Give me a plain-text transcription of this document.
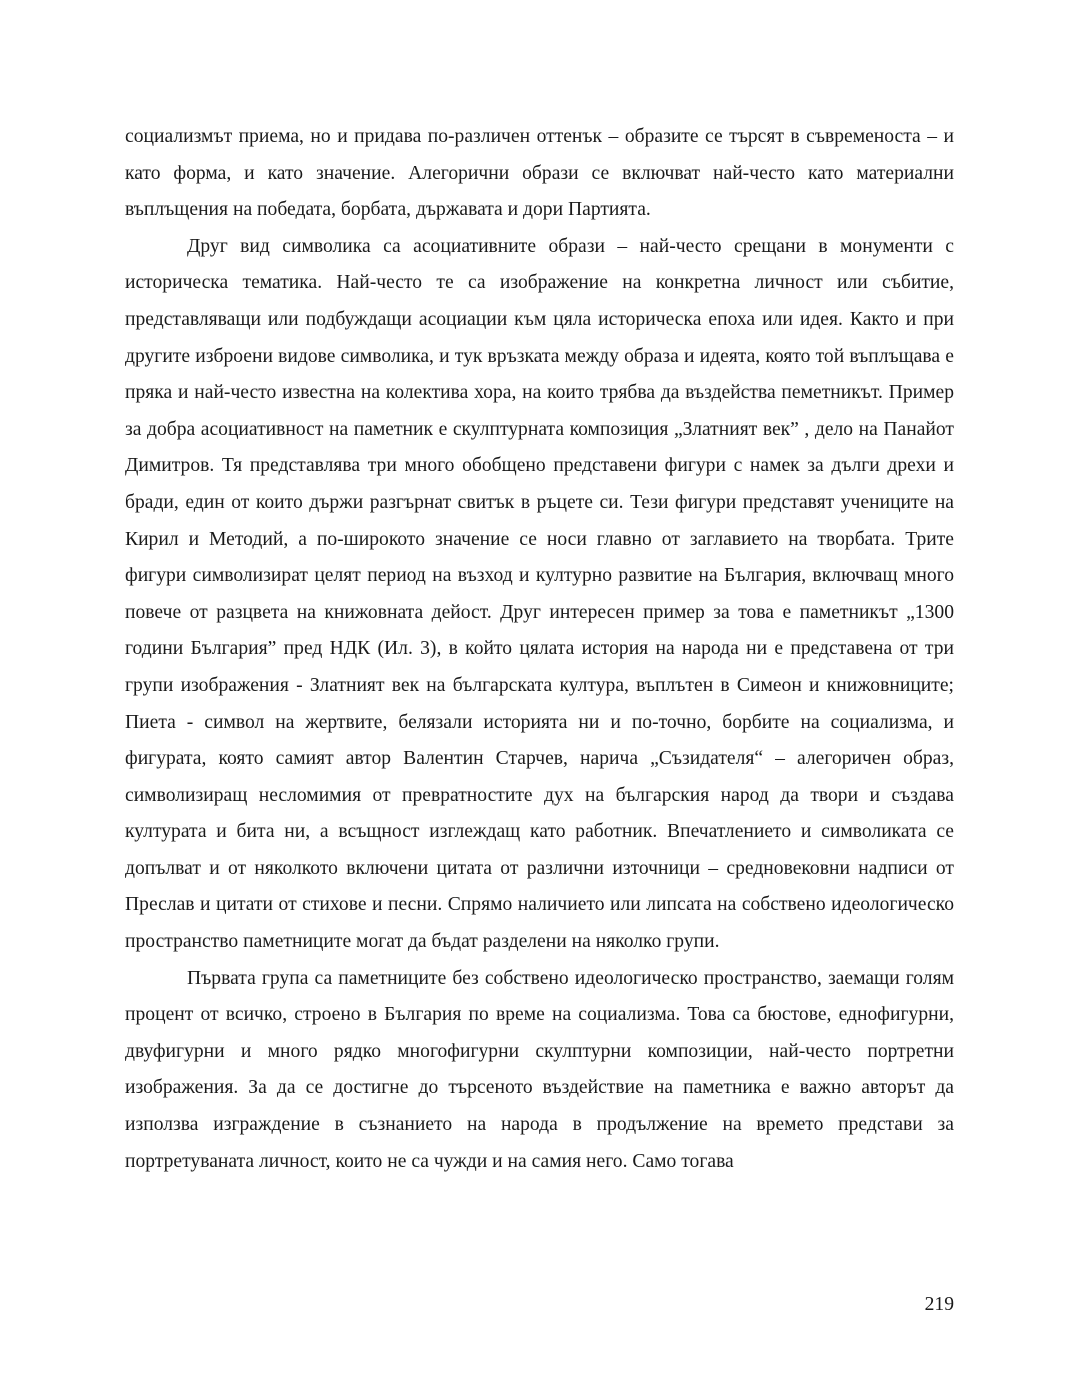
социализмът приема, но и придава по-различен оттенък – образите се търсят в съвременоста – и като форма, и като значение. Алегорични образи се включват най-често като материални въплъщения на победата, борбата, държавата и дори Партията.

Друг вид символика са асоциативните образи – най-често срещани в монументи с историческа тематика. Най-често те са изображение на конкретна личност или събитие, представляващи или подбуждащи асоциации към цяла историческа епоха или идея. Както и при другите изброени видове символика, и тук връзката между образа и идеята, която той въплъщава е пряка и най-често известна на колектива хора, на които трябва да въздейства пеметникът. Пример за добра асоциативност на паметник е скулптурната композиция „Златният век” , дело на Панайот Димитров. Тя представлява три много обобщено представени фигури с намек за дълги дрехи и бради, един от които държи разгърнат свитък в ръцете си. Тези фигури представят учениците на Кирил и Методий, а по-широкото значение се носи главно от заглавието на творбата. Трите фигури символизират целят период на възход и културно развитие на България, включващ много повече от разцвета на книжовната дейост. Друг интересен пример за това е паметникът „1300 години България” пред НДК (Ил. 3), в който цялата история на народа ни е представена от три групи изображения - Златният век на българската култура, въплътен в Симеон и книжовниците; Пиета - символ на жертвите, белязали историята ни и по-точно, борбите на социализма, и фигурата, която самият автор Валентин Старчев, нарича „Съзидателя“ – алегоричен образ, символизиращ несломимия от превратностите дух на българския народ да твори и създава културата и бита ни, а всъщност изглеждащ като работник. Впечатлението и символиката се допълват и от няколкото включени цитата от различни източници – средновековни надписи от Преслав и цитати от стихове и песни. Спрямо наличието или липсата на собствено идеологическо пространство паметниците могат да бъдат разделени на няколко групи.

Първата група са паметниците без собствено идеологическо пространство, заемащи голям процент от всичко, строено в България по време на социализма. Това са бюстове, еднофигурни, двуфигурни и много рядко многофигурни скулптурни композиции, най-често портретни изображения. За да се достигне до търсеното въздействие на паметника е важно авторът да използва изграждение в съзнанието на народа в продължение на времето представи за портретуваната личност, които не са чужди и на самия него. Само тогава

219
